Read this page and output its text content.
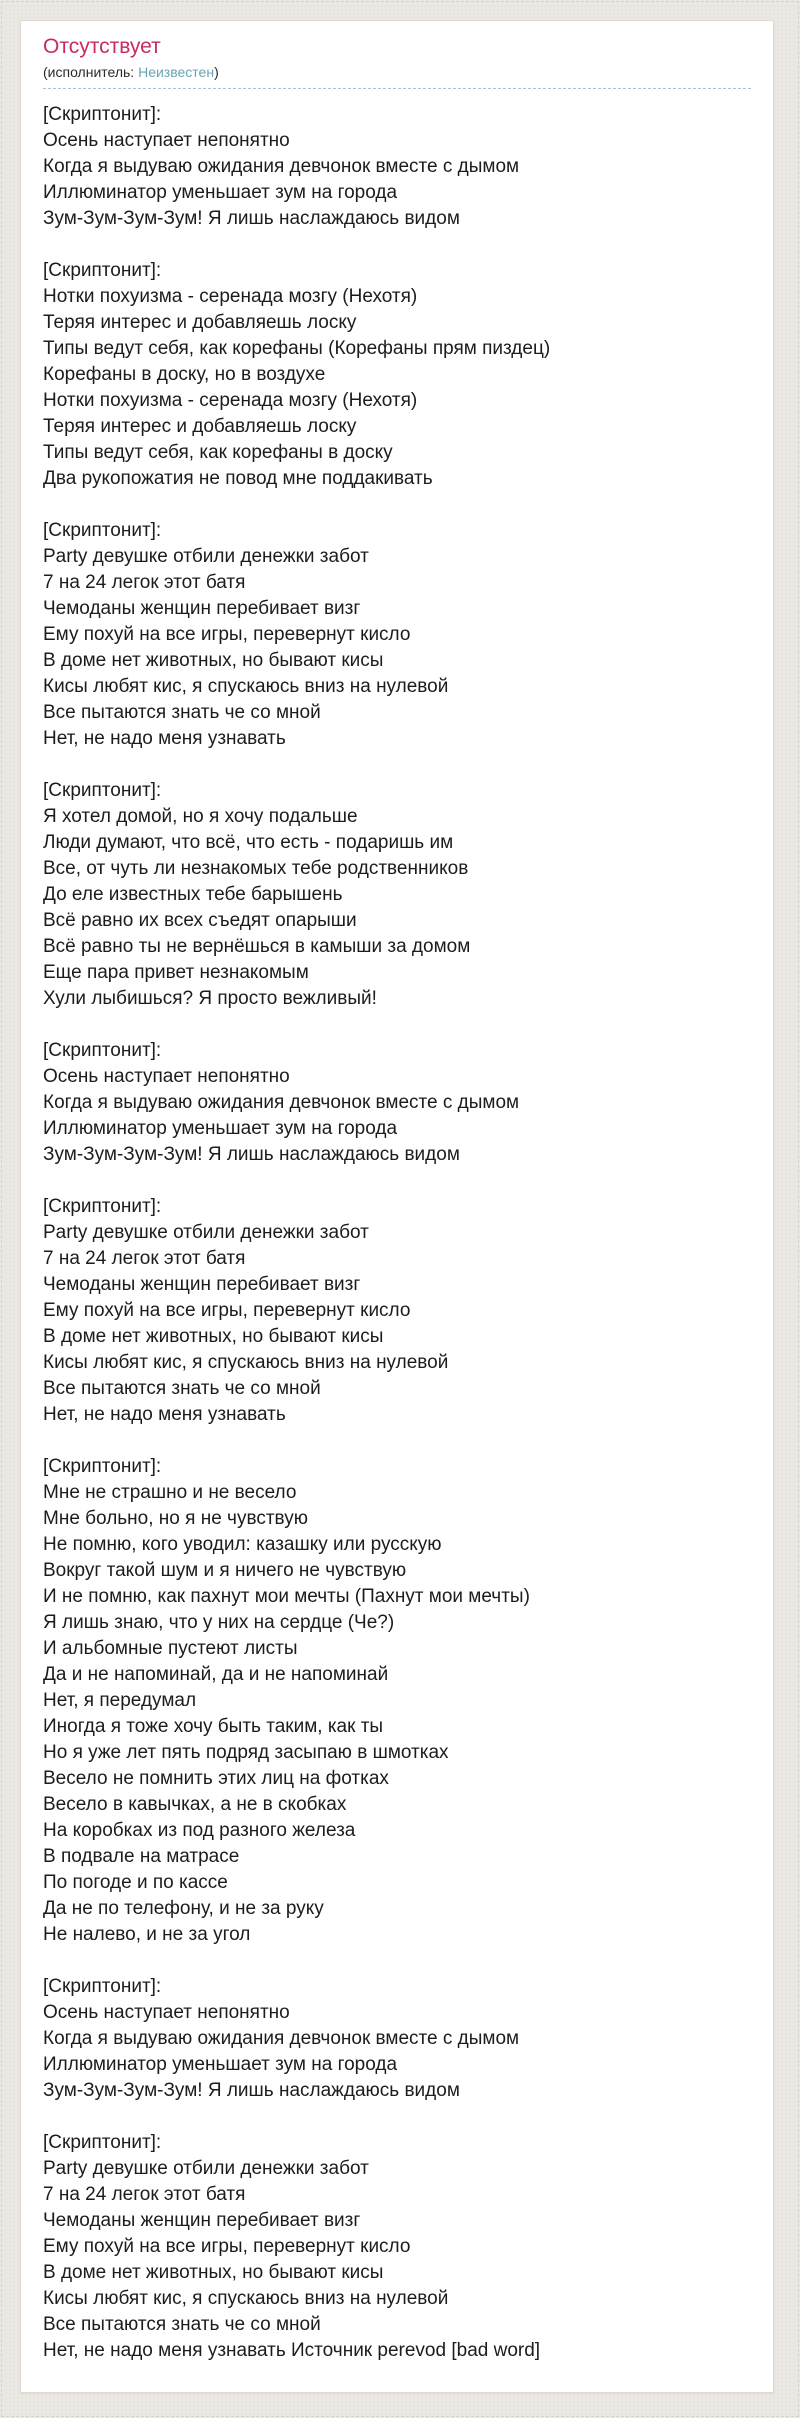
Отсутствует
(исполнитель: Неизвестен)
[Скриптонит]:
Осень наступает непонятно
Когда я выдуваю ожидания девчонок вместе с дымом
Иллюминатор уменьшает зум на города
Зум-Зум-Зум-Зум! Я лишь наслаждаюсь видом
[Скриптонит]:
Нотки похуизма - серенада мозгу (Нехотя)
Теряя интерес и добавляешь лоску
Типы ведут себя, как корефаны (Корефаны прям пиздец)
Корефаны в доску, но в воздухе
Нотки похуизма - серенада мозгу (Нехотя)
Теряя интерес и добавляешь лоску
Типы ведут себя, как корефаны в доску
Два рукопожатия не повод мне поддакивать
[Скриптонит]:
Party девушке отбили денежки забот
7 на 24 легок этот батя
Чемоданы женщин перебивает визг
Ему похуй на все игры, перевернут кисло
В доме нет животных, но бывают кисы
Кисы любят кис, я спускаюсь вниз на нулевой
Все пытаются знать че со мной
Нет, не надо меня узнавать
[Скриптонит]:
Я хотел домой, но я хочу подальше
Люди думают, что всё, что есть - подаришь им
Все, от чуть ли незнакомых тебе родственников
До еле известных тебе барышень
Всё равно их всех съедят опарыши
Всё равно ты не вернёшься в камыши за домом
Еще пара привет незнакомым
Хули лыбишься? Я просто вежливый!
[Скриптонит]:
Осень наступает непонятно
Когда я выдуваю ожидания девчонок вместе с дымом
Иллюминатор уменьшает зум на города
Зум-Зум-Зум-Зум! Я лишь наслаждаюсь видом
[Скриптонит]:
Party девушке отбили денежки забот
7 на 24 легок этот батя
Чемоданы женщин перебивает визг
Ему похуй на все игры, перевернут кисло
В доме нет животных, но бывают кисы
Кисы любят кис, я спускаюсь вниз на нулевой
Все пытаются знать че со мной
Нет, не надо меня узнавать
[Скриптонит]:
Мне не страшно и не весело
Мне больно, но я не чувствую
Не помню, кого уводил: казашку или русскую
Вокруг такой шум и я ничего не чувствую
И не помню, как пахнут мои мечты (Пахнут мои мечты)
Я лишь знаю, что у них на сердце (Че?)
И альбомные пустеют листы
Да и не напоминай, да и не напоминай
Нет, я передумал
Иногда я тоже хочу быть таким, как ты
Но я уже лет пять подряд засыпаю в шмотках
Весело не помнить этих лиц на фотках
Весело в кавычках, а не в скобках
На коробках из под разного железа
В подвале на матрасе
По погоде и по кассе
Да не по телефону, и не за руку
Не налево, и не за угол
[Скриптонит]:
Осень наступает непонятно
Когда я выдуваю ожидания девчонок вместе с дымом
Иллюминатор уменьшает зум на города
Зум-Зум-Зум-Зум! Я лишь наслаждаюсь видом
[Скриптонит]:
Party девушке отбили денежки забот
7 на 24 легок этот батя
Чемоданы женщин перебивает визг
Ему похуй на все игры, перевернут кисло
В доме нет животных, но бывают кисы
Кисы любят кис, я спускаюсь вниз на нулевой
Все пытаются знать че со мной
Нет, не надо меня узнавать Источник perevod [bad word]
